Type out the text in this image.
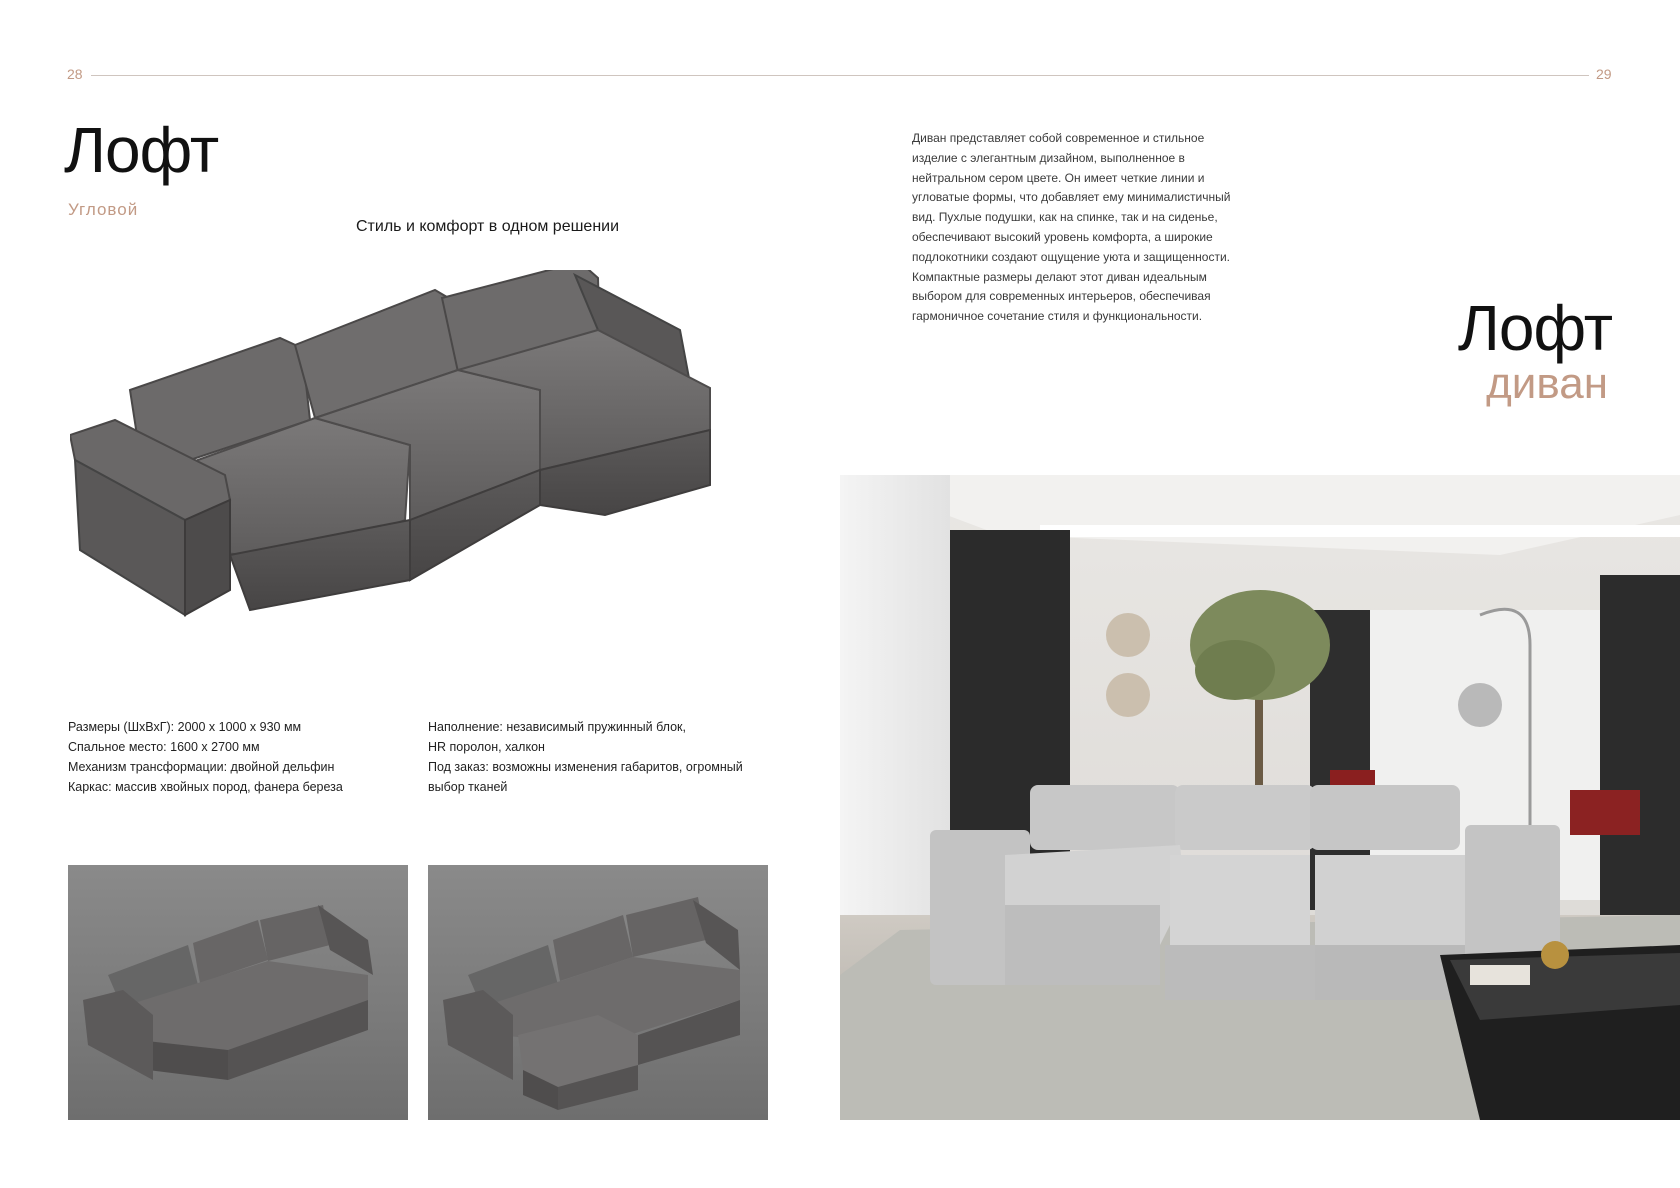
28	29
Лофт
Угловой
Стиль и комфорт в одном решении
Размеры (ШхВхГ): 2000 х 1000 х 930 мм
Спальное место: 1600 х 2700 мм
Механизм трансформации: двойной дельфин
Каркас: массив хвойных пород, фанера береза
Наполнение: независимый пружинный блок,
HR поролон, халкон
Под заказ: возможны изменения габаритов, огромный
выбор тканей
Диван представляет собой современное и стильное
изделие с элегантным дизайном, выполненное в
нейтральном сером цвете. Он имеет четкие линии и
угловатые формы, что добавляет ему минималистичный
вид. Пухлые подушки, как на спинке, так и на сиденье,
обеспечивают высокий уровень комфорта, а широкие
подлокотники создают ощущение уюта и защищенности.
Компактные размеры делают этот диван идеальным
выбором для современных интерьеров, обеспечивая
гармоничное сочетание стиля и функциональности.	Лофт
диван
